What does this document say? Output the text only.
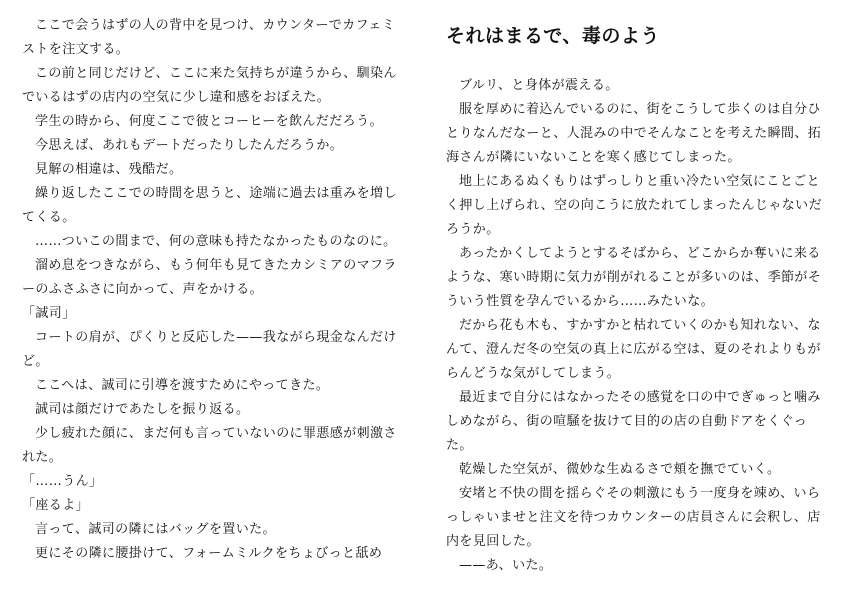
ここで会うはずの人の背中を見つけ、カウンターでカフェミ
ストを注文する。

この前と同じだけど、ここに来た気持ちが違うから、馴染ん
でいるはずの店内の空気に少し違和感をおぼえた。

学生の時から、何度ここで彼とコーヒーを飲んだだろう。

今思えば、あれもデートだったりしたんだろうか。

見解の相違は、残酷だ。

繰り返したここでの時間を思うと、途端に過去は重みを増し
てくる。

……ついこの間まで、何の意味も持たなかったものなのに。

溜め息をつきながら、もう何年も見てきたカシミアのマフラ
ーのふさふさに向かって、声をかける。

「誠司」

コートの肩が、ぴくりと反応した——我ながら現金なんだけ
ど。

ここへは、誠司に引導を渡すためにやってきた。

誠司は顔だけであたしを振り返る。

少し疲れた顔に、まだ何も言っていないのに罪悪感が刺激さ
れた。

「……うん」

「座るよ」

言って、誠司の隣にはバッグを置いた。

更にその隣に腰掛けて、フォームミルクをちょびっと舐め

それはまるで、毒のよう

ブルリ、と身体が震える。

服を厚めに着込んでいるのに、街をこうして歩くのは自分ひ
とりなんだなーと、人混みの中でそんなことを考えた瞬間、拓
海さんが隣にいないことを寒く感じてしまった。

地上にあるぬくもりはずっしりと重い冷たい空気にことごと
く押し上げられ、空の向こうに放たれてしまったんじゃないだ
ろうか。

あったかくしてようとするそばから、どこからか奪いに来る
ような、寒い時期に気力が削がれることが多いのは、季節がそ
ういう性質を孕んでいるから……みたいな。

だから花も木も、すかすかと枯れていくのかも知れない、な
んて、澄んだ冬の空気の真上に広がる空は、夏のそれよりもが
らんどうな気がしてしまう。

最近まで自分にはなかったその感覚を口の中でぎゅっと噛み
しめながら、街の喧騒を抜けて目的の店の自動ドアをくぐっ
た。

乾燥した空気が、微妙な生ぬるさで頬を撫でていく。

安堵と不快の間を揺らぐその刺激にもう一度身を竦め、いら
っしゃいませと注文を待つカウンターの店員さんに会釈し、店
内を見回した。

——あ、いた。
